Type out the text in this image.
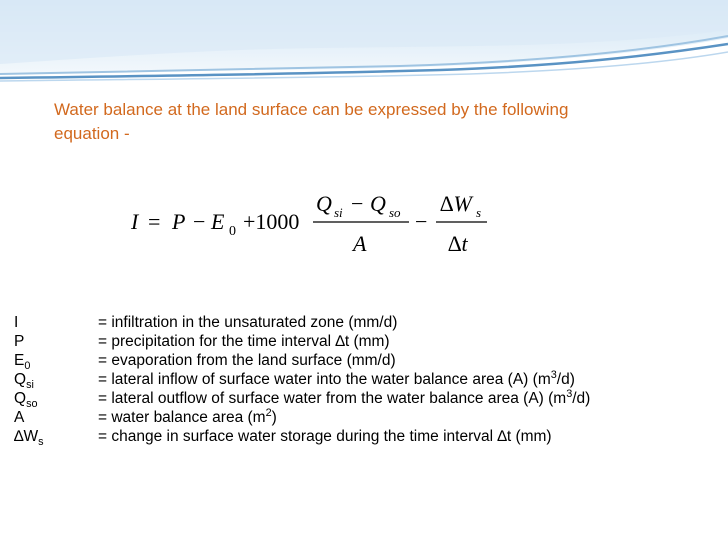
Water balance at the land surface can be expressed by the following
equation -
I = P − E 0 +1000
Q si − Q so
A
−
∆W s
∆t
I	= infiltration in the unsaturated zone (mm/d)
P	= precipitation for the time interval ∆t (mm)
$E_0$	= evaporation from the land surface (mm/d)
$Q_{si}$	= lateral inflow of surface water into the water balance area (A) $(m^3/d)$
$Q_{so}$	= lateral outflow of surface water from the water balance area (A) $(m^3/d)$
A	= water balance area $(m^2)$
$\Delta W_s$	= change in surface water storage during the time interval ∆t (mm)
